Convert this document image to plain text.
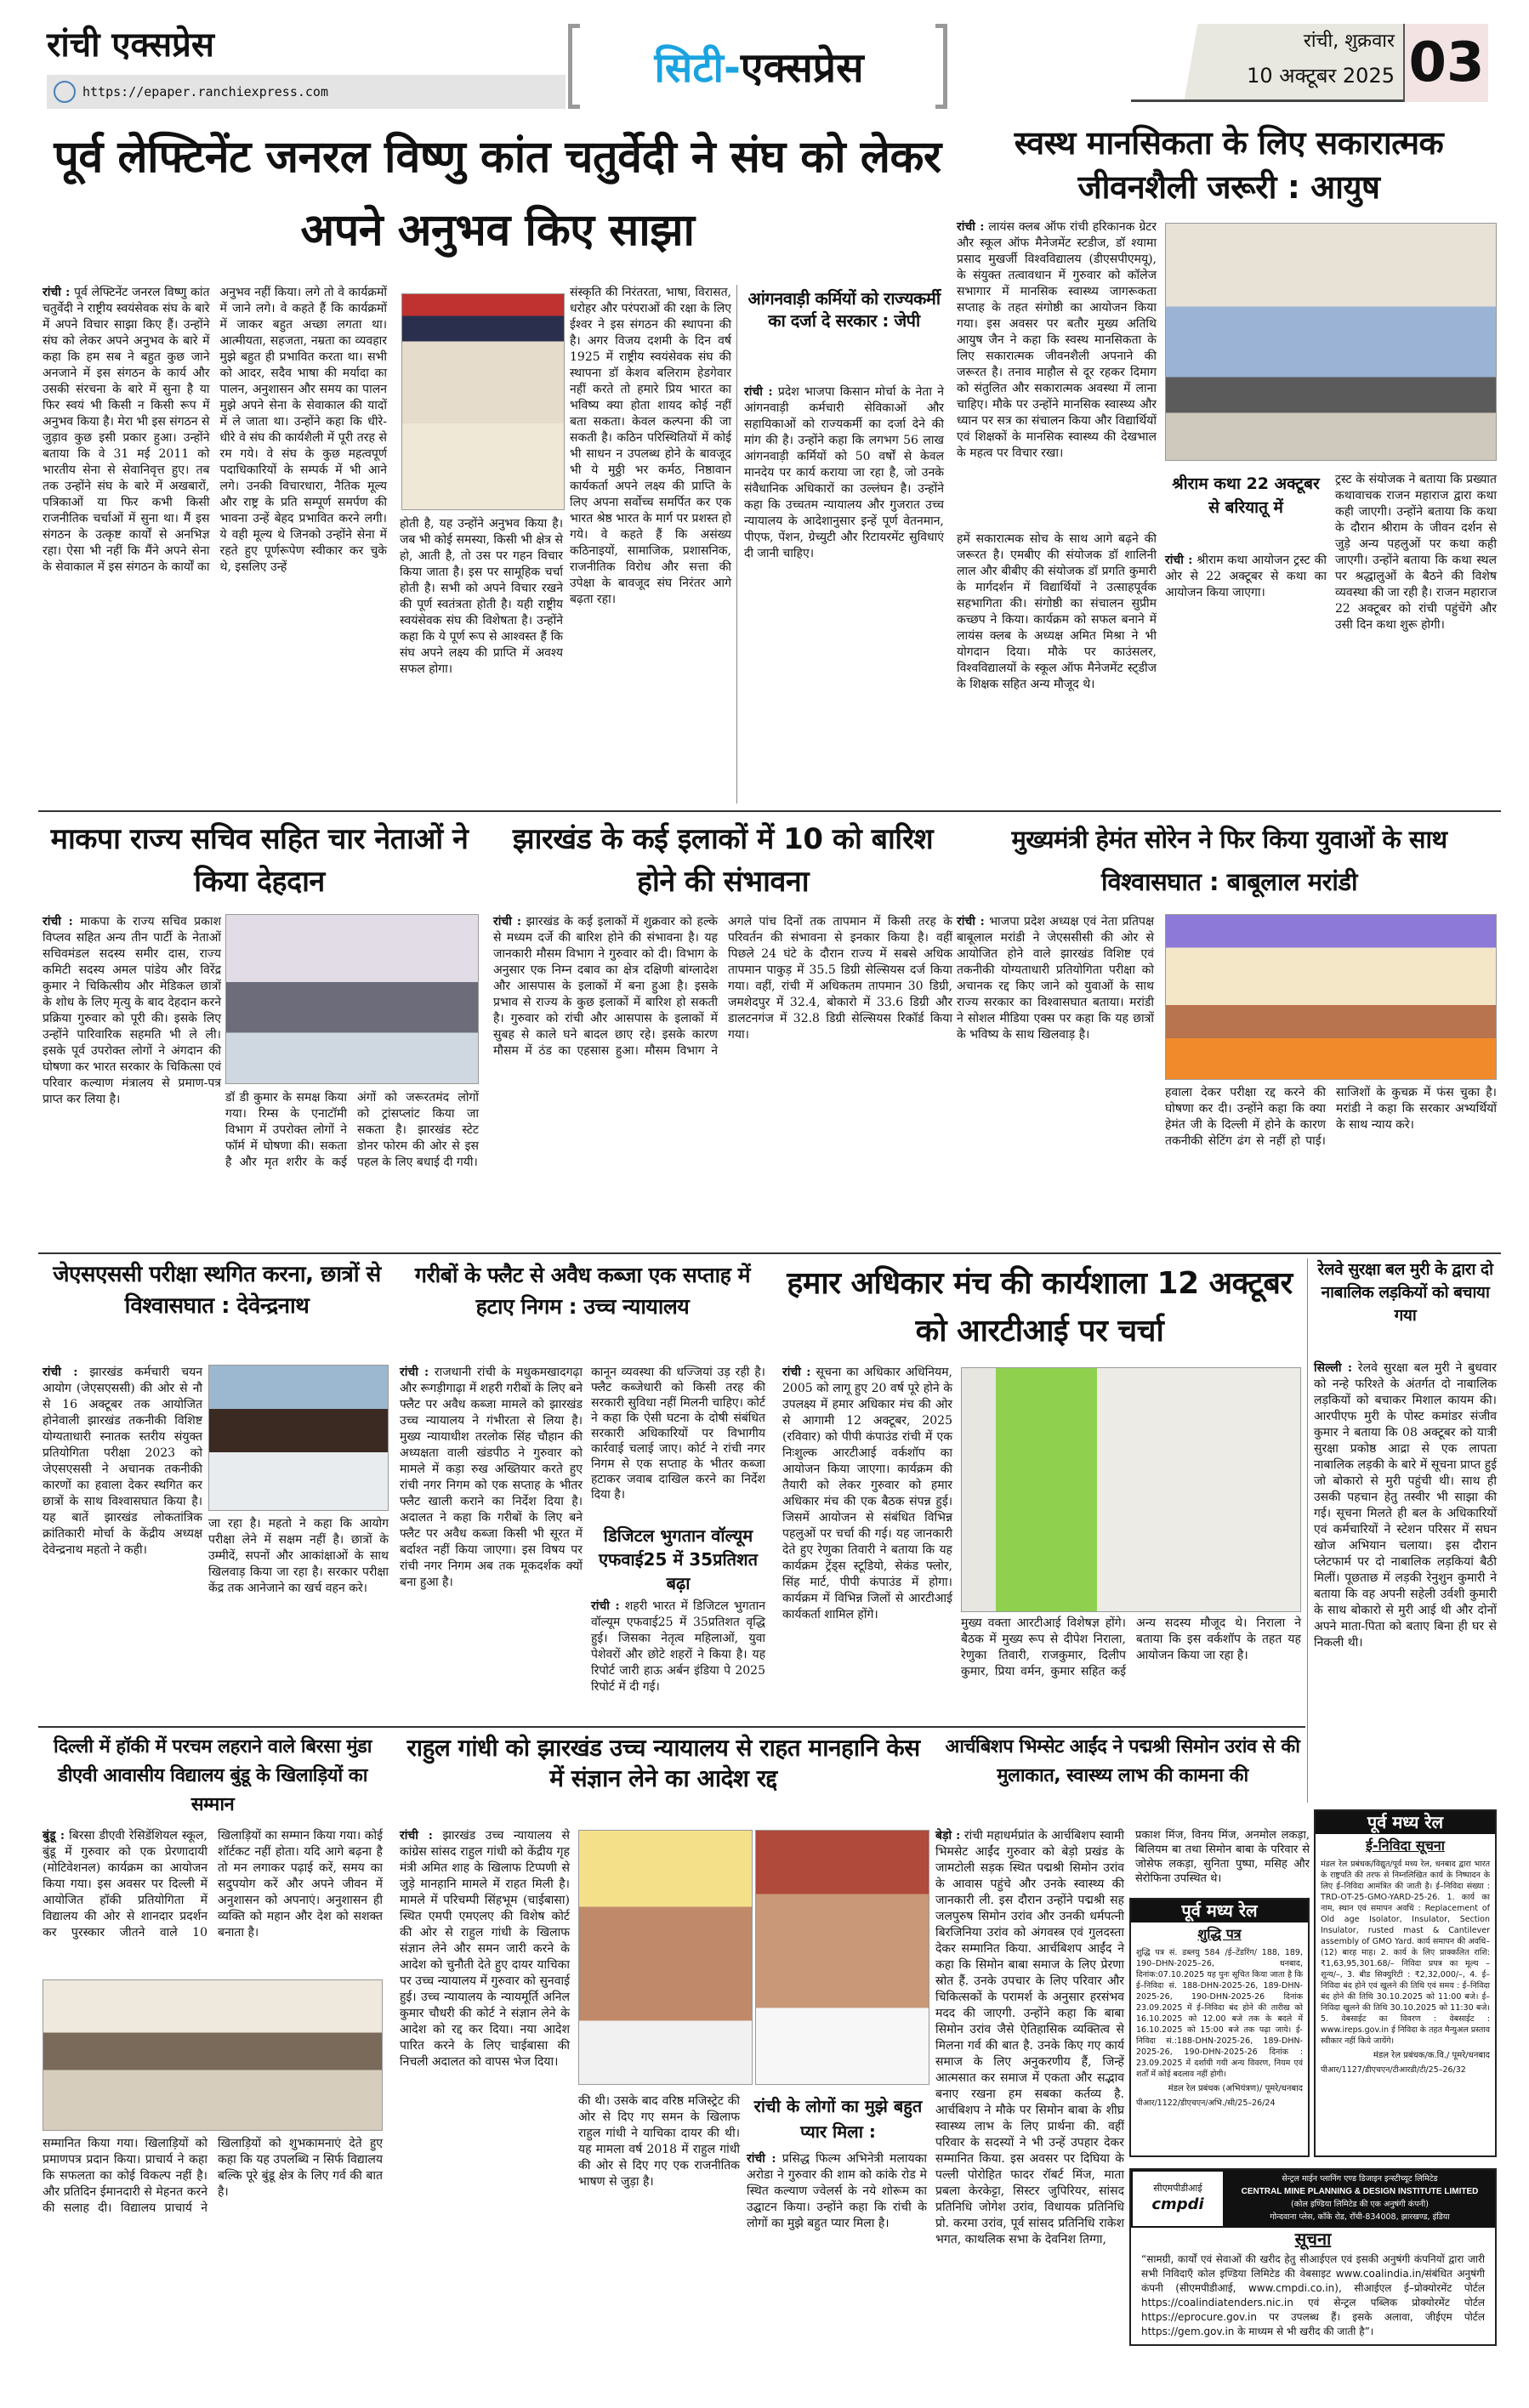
रांची एक्सप्रेस
https://epaper.ranchiexpress.com	सिटी-एक्सप्रेस
रांची, शुक्रवार
10 अक्टूबर 2025 03
पूर्व लेफ्टिनेंट जनरल विष्णु कांत चतुर्वेदी ने संघ को लेकर अपने अनुभव किए साझा
रांची : पूर्व लेफ्टिनेंट जनरल विष्णु कांत चतुर्वेदी ने राष्ट्रीय स्वयंसेवक संघ के बारे में अपने विचार साझा किए हैं। उन्होंने संघ को लेकर अपने अनुभव के बारे में कहा कि हम सब ने बहुत कुछ जाने अनजाने में इस संगठन के कार्य और उसकी संरचना के बारे में सुना है या फिर स्वयं भी किसी न किसी रूप में अनुभव किया है। मेरा भी इस संगठन से जुड़ाव कुछ इसी प्रकार हुआ। उन्होंने बताया कि वे 31 मई 2011 को भारतीय सेना से सेवानिवृत्त हुए। तब तक उन्होंने संघ के बारे में अखबारों, पत्रिकाओं या फिर कभी किसी राजनीतिक चर्चाओं में सुना था। मैं इस संगठन के उत्कृष्ट कार्यों से अनभिज्ञ रहा। ऐसा भी नहीं कि मैंने अपने सेना के सेवाकाल में इस संगठन के कार्यों का अनुभव नहीं किया। लगे तो वे कार्यक्रमों में जाने लगे। वे कहते हैं कि कार्यक्रमों में जाकर बहुत अच्छा लगता था। आत्मीयता, सहजता, नम्रता का व्यवहार मुझे बहुत ही प्रभावित करता था। सभी को आदर, सदैव भाषा की मर्यादा का पालन, अनुशासन और समय का पालन मुझे अपने सेना के सेवाकाल की यादों में ले जाता था। उन्होंने कहा कि धीरे-धीरे वे संघ की कार्यशैली में पूरी तरह से रम गये। वे संघ के कुछ महत्वपूर्ण पदाधिकारियों के सम्पर्क में भी आने लगे। उनकी विचारधारा, नैतिक मूल्य और राष्ट्र के प्रति सम्पूर्ण समर्पण की भावना उन्हें बेहद प्रभावित करने लगी। ये वही मूल्य थे जिनको उन्होंने सेना में रहते हुए पूर्णरूपेण स्वीकार कर चुके थे, इसलिए उन्हें
होती है, यह उन्होंने अनुभव किया है। जब भी कोई समस्या, किसी भी क्षेत्र से हो, आती है, तो उस पर गहन विचार किया जाता है। इस पर सामूहिक चर्चा होती है। सभी को अपने विचार रखने की पूर्ण स्वतंत्रता होती है। यही राष्ट्रीय स्वयंसेवक संघ की विशेषता है। उन्होंने कहा कि ये पूर्ण रूप से आश्वस्त हैं कि संघ अपने लक्ष्य की प्राप्ति में अवश्य सफल होगा।
संस्कृति की निरंतरता, भाषा, विरासत, धरोहर और परंपराओं की रक्षा के लिए ईश्वर ने इस संगठन की स्थापना की है। अगर विजय दशमी के दिन वर्ष 1925 में राष्ट्रीय स्वयंसेवक संघ की स्थापना डॉ केशव बलिराम हेडगेवार नहीं करते तो हमारे प्रिय भारत का भविष्य क्या होता शायद कोई नहीं बता सकता। केवल कल्पना की जा सकती है। कठिन परिस्थितियों में कोई भी साधन न उपलब्ध होने के बावजूद भी ये मुठ्ठी भर कर्मठ, निष्ठावान कार्यकर्ता अपने लक्ष्य की प्राप्ति के लिए अपना सर्वोच्च समर्पित कर एक भारत श्रेष्ठ भारत के मार्ग पर प्रशस्त हो गये। वे कहते हैं कि असंख्य कठिनाइयों, सामाजिक, प्रशासनिक, राजनीतिक विरोध और सत्ता की उपेक्षा के बावजूद संघ निरंतर आगे बढ़ता रहा।
आंगनवाड़ी कर्मियों को राज्यकर्मी का दर्जा दे सरकार : जेपी
रांची : प्रदेश भाजपा किसान मोर्चा के नेता ने आंगनवाड़ी कर्मचारी सेविकाओं और सहायिकाओं को राज्यकर्मी का दर्जा देने की मांग की है। उन्होंने कहा कि लगभग 56 लाख आंगनवाड़ी कर्मियों को 50 वर्षों से केवल मानदेय पर कार्य कराया जा रहा है, जो उनके संवैधानिक अधिकारों का उल्लंघन है। उन्होंने कहा कि उच्चतम न्यायालय और गुजरात उच्च न्यायालय के आदेशानुसार इन्हें पूर्ण वेतनमान, पीएफ, पेंशन, ग्रेच्युटी और रिटायरमेंट सुविधाएं दी जानी चाहिए।
स्वस्थ मानसिकता के लिए सकारात्मक जीवनशैली जरूरी : आयुष
रांची : लायंस क्लब ऑफ रांची हरिकानक ग्रेटर और स्कूल ऑफ मैनेजमेंट स्टडीज, डॉ श्यामा प्रसाद मुखर्जी विश्वविद्यालय (डीएसपीएमयू), के संयुक्त तत्वावधान में गुरुवार को कॉलेज सभागार में मानसिक स्वास्थ्य जागरूकता सप्ताह के तहत संगोष्ठी का आयोजन किया गया। इस अवसर पर बतौर मुख्य अतिथि आयुष जैन ने कहा कि स्वस्थ मानसिकता के लिए सकारात्मक जीवनशैली अपनाने की जरूरत है। तनाव माहौल से दूर रहकर दिमाग को संतुलित और सकारात्मक अवस्था में लाना चाहिए। मौके पर उन्होंने मानसिक स्वास्थ्य और ध्यान पर सत्र का संचालन किया और विद्यार्थियों एवं शिक्षकों के मानसिक स्वास्थ्य की देखभाल के महत्व पर विचार रखा।
हमें सकारात्मक सोच के साथ आगे बढ़ने की जरूरत है। एमबीए की संयोजक डॉ शालिनी लाल और बीबीए की संयोजक डॉ प्रगति कुमारी के मार्गदर्शन में विद्यार्थियों ने उत्साहपूर्वक सहभागिता की। संगोष्ठी का संचालन सुप्रीम कच्छप ने किया। कार्यक्रम को सफल बनाने में लायंस क्लब के अध्यक्ष अमित मिश्रा ने भी योगदान दिया। मौके पर काउंसलर, विश्वविद्यालयों के स्कूल ऑफ मैनेजमेंट स्ट्डीज के शिक्षक सहित अन्य मौजूद थे।
श्रीराम कथा 22 अक्टूबर से बरियातू में
रांची : श्रीराम कथा आयोजन ट्रस्ट की ओर से 22 अक्टूबर से कथा का आयोजन किया जाएगा।
ट्रस्ट के संयोजक ने बताया कि प्रख्यात कथावाचक राजन महाराज द्वारा कथा कही जाएगी। उन्होंने बताया कि कथा के दौरान श्रीराम के जीवन दर्शन से जुड़े अन्य पहलुओं पर कथा कही जाएगी। उन्होंने बताया कि कथा स्थल पर श्रद्धालुओं के बैठने की विशेष व्यवस्था की जा रही है। राजन महाराज 22 अक्टूबर को रांची पहुंचेंगे और उसी दिन कथा शुरू होगी।
माकपा राज्य सचिव सहित चार नेताओं ने किया देहदान
रांची : माकपा के राज्य सचिव प्रकाश विप्लव सहित अन्य तीन पार्टी के नेताओं सचिवमंडल सदस्य समीर दास, राज्य कमिटी सदस्य अमल पांडेय और विरेंद्र कुमार ने चिकित्सीय और मेडिकल छात्रों के शोध के लिए मृत्यु के बाद देहदान करने प्रक्रिया गुरुवार को पूरी की। इसके लिए उन्होंने पारिवारिक सहमति भी ले ली। इसके पूर्व उपरोक्त लोगों ने अंगदान की घोषणा कर भारत सरकार के चिकित्सा एवं परिवार कल्याण मंत्रालय से प्रमाण-पत्र प्राप्त कर लिया है।	डॉ डी कुमार के समक्ष किया गया। रिम्स के एनाटॉमी विभाग में उपरोक्त लोगों ने फॉर्म में घोषणा की। सकता है और मृत शरीर के कई अंगों को जरूरतमंद लोगों को ट्रांसप्लांट किया जा सकता है। झारखंड स्टेट डोनर फोरम की ओर से इस पहल के लिए बधाई दी गयी।
झारखंड के कई इलाकों में 10 को बारिश होने की संभावना
रांची : झारखंड के कई इलाकों में शुक्रवार को हल्के से मध्यम दर्जे की बारिश होने की संभावना है। यह जानकारी मौसम विभाग ने गुरुवार को दी। विभाग के अनुसार एक निम्न दबाव का क्षेत्र दक्षिणी बांग्लादेश और आसपास के इलाकों में बना हुआ है। इसके प्रभाव से राज्य के कुछ इलाकों में बारिश हो सकती है। गुरुवार को रांची और आसपास के इलाकों में सुबह से काले घने बादल छाए रहे। इसके कारण मौसम में ठंड का एहसास हुआ। मौसम विभाग ने अगले पांच दिनों तक तापमान में किसी तरह के परिवर्तन की संभावना से इनकार किया है। वहीं पिछले 24 घंटे के दौरान राज्य में सबसे अधिक तापमान पाकुड़ में 35.5 डिग्री सेल्सियस दर्ज किया गया। वहीं, रांची में अधिकतम तापमान 30 डिग्री, जमशेदपुर में 32.4, बोकारो में 33.6 डिग्री और डालटनगंज में 32.8 डिग्री सेल्सियस रिकॉर्ड किया गया।
मुख्यमंत्री हेमंत सोरेन ने फिर किया युवाओं के साथ विश्वासघात : बाबूलाल मरांडी
रांची : भाजपा प्रदेश अध्यक्ष एवं नेता प्रतिपक्ष बाबूलाल मरांडी ने जेएससीसी की ओर से आयोजित होने वाले झारखंड विशिष्ट एवं तकनीकी योग्यताधारी प्रतियोगिता परीक्षा को अचानक रद्द किए जाने को युवाओं के साथ राज्य सरकार का विश्वासघात बताया। मरांडी ने सोशल मीडिया एक्स पर कहा कि यह छात्रों के भविष्य के साथ खिलवाड़ है।
हवाला देकर परीक्षा रद्द करने की घोषणा कर दी। उन्होंने कहा कि क्या हेमंत जी के दिल्ली में होने के कारण तकनीकी सेटिंग ढंग से नहीं हो पाई। साजिशों के कुचक्र में फंस चुका है। मरांडी ने कहा कि सरकार अभ्यर्थियों के साथ न्याय करे।
जेएसएससी परीक्षा स्थगित करना, छात्रों से विश्वासघात : देवेन्द्रनाथ
रांची : झारखंड कर्मचारी चयन आयोग (जेएसएससी) की ओर से नौ से 16 अक्टूबर तक आयोजित होनेवाली झारखंड तकनीकी विशिष्ट योग्यताधारी स्नातक स्तरीय संयुक्त प्रतियोगिता परीक्षा 2023 को जेएसएससी ने अचानक तकनीकी कारणों का हवाला देकर स्थगित कर छात्रों के साथ विश्वासघात किया है। यह बातें झारखंड लोकतांत्रिक क्रांतिकारी मोर्चा के केंद्रीय अध्यक्ष देवेन्द्रनाथ महतो ने कही।
जा रहा है। महतो ने कहा कि आयोग परीक्षा लेने में सक्षम नहीं है। छात्रों के उम्मीदें, सपनों और आकांक्षाओं के साथ खिलवाड़ किया जा रहा है। सरकार परीक्षा केंद्र तक आनेजाने का खर्च वहन करे।
गरीबों के फ्लैट से अवैध कब्जा एक सप्ताह में हटाए निगम : उच्च न्यायालय
रांची : राजधानी रांची के मधुकमखादगढ़ा और रूगड़ीगाढ़ा में शहरी गरीबों के लिए बने फ्लैट पर अवैध कब्जा मामले को झारखंड उच्च न्यायालय ने गंभीरता से लिया है। मुख्य न्यायाधीश तरलोक सिंह चौहान की अध्यक्षता वाली खंडपीठ ने गुरुवार को मामले में कड़ा रुख अख्तियार करते हुए रांची नगर निगम को एक सप्ताह के भीतर फ्लैट खाली कराने का निर्देश दिया है। अदालत ने कहा कि गरीबों के लिए बने फ्लैट पर अवैध कब्जा किसी भी सूरत में बर्दाश्त नहीं किया जाएगा। इस विषय पर रांची नगर निगम अब तक मूकदर्शक क्यों बना हुआ है।
कानून व्यवस्था की धज्जियां उड़ रही है। फ्लैट कब्जेधारी को किसी तरह की सरकारी सुविधा नहीं मिलनी चाहिए। कोर्ट ने कहा कि ऐसी घटना के दोषी संबंधित सरकारी अधिकारियों पर विभागीय कार्रवाई चलाई जाए। कोर्ट ने रांची नगर निगम से एक सप्ताह के भीतर कब्जा हटाकर जवाब दाखिल करने का निर्देश दिया है।
डिजिटल भुगतान वॉल्यूम एफवाई25 में 35प्रतिशत बढ़ा
रांची : शहरी भारत में डिजिटल भुगतान वॉल्यूम एफवाई25 में 35प्रतिशत वृद्धि हुई। जिसका नेतृत्व महिलाओं, युवा पेशेवरों और छोटे शहरों ने किया है। यह रिपोर्ट जारी हाऊ अर्बन इंडिया पे 2025 रिपोर्ट में दी गई।
हमार अधिकार मंच की कार्यशाला 12 अक्टूबर को आरटीआई पर चर्चा
रांची : सूचना का अधिकार अधिनियम, 2005 को लागू हुए 20 वर्ष पूरे होने के उपलक्ष्य में हमार अधिकार मंच की ओर से आगामी 12 अक्टूबर, 2025 (रविवार) को पीपी कंपाउंड रांची में एक निःशुल्क आरटीआई वर्कशॉप का आयोजन किया जाएगा। कार्यक्रम की तैयारी को लेकर गुरुवार को हमार अधिकार मंच की एक बैठक संपन्न हुई। जिसमें आयोजन से संबंधित विभिन्न पहलुओं पर चर्चा की गई। यह जानकारी देते हुए रेणुका तिवारी ने बताया कि यह कार्यक्रम ट्रेंड्स स्टूडियो, सेकंड फ्लोर, सिंह मार्ट, पीपी कंपाउंड में होगा। कार्यक्रम में विभिन्न जिलों से आरटीआई कार्यकर्ता शामिल होंगे।
मुख्य वक्ता आरटीआई विशेषज्ञ होंगे। बैठक में मुख्य रूप से दीपेश निराला, रेणुका तिवारी, राजकुमार, दिलीप कुमार, प्रिया वर्मन, कुमार सहित कई अन्य सदस्य मौजूद थे। निराला ने बताया कि इस वर्कशॉप के तहत यह आयोजन किया जा रहा है।
रेलवे सुरक्षा बल मुरी के द्वारा दो नाबालिक लड़कियों को बचाया गया
सिल्ली : रेलवे सुरक्षा बल मुरी ने बुधवार को नन्हे फरिश्ते के अंतर्गत दो नाबालिक लड़कियों को बचाकर मिशाल कायम की। आरपीएफ मुरी के पोस्ट कमांडर संजीव कुमार ने बताया कि 08 अक्टूबर को यात्री सुरक्षा प्रकोष्ठ आद्रा से एक लापता नाबालिक लड़की के बारे में सूचना प्राप्त हुई जो बोकारो से मुरी पहुंची थी। साथ ही उसकी पहचान हेतु तस्वीर भी साझा की गई। सूचना मिलते ही बल के अधिकारियों एवं कर्मचारियों ने स्टेशन परिसर में सघन खोज अभियान चलाया। इस दौरान प्लेटफार्म पर दो नाबालिक लड़कियां बैठी मिलीं। पूछताछ में लड़की रेनुशुन कुमारी ने बताया कि वह अपनी सहेली उर्वशी कुमारी के साथ बोकारो से मुरी आई थी और दोनों अपने माता-पिता को बताए बिना ही घर से निकली थी।
दिल्ली में हॉकी में परचम लहराने वाले बिरसा मुंडा डीएवी आवासीय विद्यालय बुंडू के खिलाड़ियों का सम्मान
बुंडू : बिरसा डीएवी रेसिडेंशियल स्कूल, बुंडू में गुरुवार को एक प्रेरणादायी (मोटिवेशनल) कार्यक्रम का आयोजन किया गया। इस अवसर पर दिल्ली में आयोजित हॉकी प्रतियोगिता में विद्यालय की ओर से शानदार प्रदर्शन कर पुरस्कार जीतने वाले 10 खिलाड़ियों का सम्मान किया गया। कोई शॉर्टकट नहीं होता। यदि आगे बढ़ना है तो मन लगाकर पढ़ाई करें, समय का सदुपयोग करें और अपने जीवन में अनुशासन को अपनाएं। अनुशासन ही व्यक्ति को महान और देश को सशक्त बनाता है।
सम्मानित किया गया। खिलाड़ियों को प्रमाणपत्र प्रदान किया। प्राचार्य ने कहा कि सफलता का कोई विकल्प नहीं है। और प्रतिदिन ईमानदारी से मेहनत करने की सलाह दी। विद्यालय प्राचार्य ने खिलाड़ियों को शुभकामनाएं देते हुए कहा कि यह उपलब्धि न सिर्फ विद्यालय बल्कि पूरे बुंडू क्षेत्र के लिए गर्व की बात है।
राहुल गांधी को झारखंड उच्च न्यायालय से राहत मानहानि केस में संज्ञान लेने का आदेश रद्द
रांची : झारखंड उच्च न्यायालय से कांग्रेस सांसद राहुल गांधी को केंद्रीय गृह मंत्री अमित शाह के खिलाफ टिप्पणी से जुड़े मानहानि मामले में राहत मिली है। मामले में परिचम्पी सिंहभूम (चाईबासा) स्थित एमपी एमएलए की विशेष कोर्ट की ओर से राहुल गांधी के खिलाफ संज्ञान लेने और समन जारी करने के आदेश को चुनौती देते हुए दायर याचिका पर उच्च न्यायालय में गुरुवार को सुनवाई हुई। उच्च न्यायालय के न्यायमूर्ति अनिल कुमार चौधरी की कोर्ट ने संज्ञान लेने के आदेश को रद्द कर दिया। नया आदेश पारित करने के लिए चाईबासा की निचली अदालत को वापस भेज दिया।
की थी। उसके बाद वरिष्ठ मजिस्ट्रेट की ओर से दिए गए समन के खिलाफ राहुल गांधी ने याचिका दायर की थी। यह मामला वर्ष 2018 में राहुल गांधी की ओर से दिए गए एक राजनीतिक भाषण से जुड़ा है।
रांची के लोगों का मुझे बहुत प्यार मिला :
रांची : प्रसिद्ध फिल्म अभिनेत्री मलायका अरोडा ने गुरुवार की शाम को कांके रोड मे स्थित कल्याण ज्वेलर्स के नये शोरूम का उद्घाटन किया। उन्होंने कहा कि रांची के लोगों का मुझे बहुत प्यार मिला है।
आर्चबिशप भिम्सेट आईंद ने पद्मश्री सिमोन उरांव से की मुलाकात, स्वास्थ्य लाभ की कामना की
बेड़ो : रांची महाधर्मप्रांत के आर्चबिशप स्वामी भिमसेट आईंद गुरुवार को बेड़ो प्रखंड के जामटोली सड़क स्थित पद्मश्री सिमोन उरांव के आवास पहुंचे और उनके स्वास्थ्य की जानकारी ली. इस दौरान उन्होंने पद्मश्री सह जलपुरुष सिमोन उरांव और उनकी धर्मपत्नी बिरजिनिया उरांव को अंगवस्त्र एवं गुलदस्ता देकर सम्मानित किया. आर्चबिशप आईंद ने कहा कि सिमोन बाबा समाज के लिए प्रेरणा स्रोत हैं. उनके उपचार के लिए परिवार और चिकित्सकों के परामर्श के अनुसार हरसंभव मदद की जाएगी. उन्होंने कहा कि बाबा सिमोन उरांव जैसे ऐतिहासिक व्यक्तित्व से मिलना गर्व की बात है. उनके किए गए कार्य समाज के लिए अनुकरणीय हैं, जिन्हें आत्मसात कर समाज में एकता और सद्भाव बनाए रखना हम सबका कर्तव्य है. आर्चबिशप ने मौके पर सिमोन बाबा के शीघ्र स्वास्थ्य लाभ के लिए प्रार्थना की. वहीं परिवार के सदस्यों ने भी उन्हें उपहार देकर सम्मानित किया. इस अवसर पर दिघिया के पल्ली पोरोहित फादर रॉबर्ट मिंज, माता प्रबला केरकेट्टा, सिस्टर जुपिरियर, सांसद प्रतिनिधि जोगेश उरांव, विधायक प्रतिनिधि प्रो. करमा उरांव, पूर्व सांसद प्रतिनिधि राकेश भगत, काथलिक सभा के देवनिश तिग्गा,
प्रकाश मिंज, विनय मिंज, अनमोल लकड़ा, बिलियम बा तथा सिमोन बाबा के परिवार से जोसेफ लकड़ा, सुनिता पुष्पा, मसिह और सेरोफिना उपस्थित थे।
पूर्व मध्य रेल
शुद्धि पत्र
शुद्धि पत्र सं. डब्लयु 584 /ई–टेंडरिंग/ 188, 189, 190–DHN-2025–26, धनबाद, दिनांक:07.10.2025 यह पुनः सूचित किया जाता है कि ई–निविदा सं. 188-DHN-2025-26, 189-DHN-2025-26, 190-DHN-2025-26 दिनांक 23.09.2025 में ई–निविदा बंद होने की तारीख को 16.10.2025 को 12.00 बजे तक के बदले में 16.10.2025 को 15:00 बजे तक पढ़ा जाये। ई-निविदा सं.:188-DHN-2025-26, 189-DHN-2025-26, 190-DHN-2025-26 दिनांक : 23.09.2025 में दर्शायी गयी अन्य विवरण, नियम एवं शर्तों में कोई बदलाव नहीं होगी।
मंडल रेल प्रबंधक (अभियंत्रण)/ पूमरे/धनबाद
पीआर/1122/डीएचएन/अभि./सी/25–26/24
पूर्व मध्य रेल
ई-निविदा सूचना
मंडल रेल प्रबंधक/विद्युत/पूर्व मध्य रेल, धनबाद द्वारा भारत के राष्ट्रपति की तरफ से निम्नलिखित कार्य के निष्पादन के लिए ई–निविदा आमंत्रित की जाती है। ई–निविदा संख्या : TRD-OT-25-GMO-YARD-25-26. 1. कार्य का नाम, स्थान एवं समापन अवधि : Replacement of Old age Isolator, Insulator, Section Insulator, rusted mast & Cantilever assembly of GMO Yard. कार्य समापन की अवधि– (12) बारह माह। 2. कार्य के लिए प्राक्कलित राशि: ₹1,63,95,301.68/– निविदा प्रपत्र का मूल्य – शून्य/–, 3. बीड सिक्युरिटी : ₹2,32,000/–, 4. ई–निविदा बंद होने एवं खुलने की तिथि एवं समय : ई–निविदा बंद होने की तिथि 30.10.2025 को 11:00 बजे। ई–निविदा खुलने की तिथि 30.10.2025 को 11:30 बजे। 5. वेबसाईट का विवरण : वेबसाईट : www.ireps.gov.in ई निविदा के तहत मैन्युअल प्रस्ताव स्वीकार नहीं किये जायेंगे।
मंडल रेल प्रबंधक/क.वि./ पूमरे/धनबाद
पीआर/1127/डीएचएन/टीआरडी/टी/25–26/32
सीएमपीडीआई
cmpdi
सेन्ट्रल माईन प्लानिंग एण्ड डिजाइन इन्स्टीच्यूट लिमिटेड
CENTRAL MINE PLANNING & DESIGN INSTITUTE LIMITED
(कोल इण्डिया लिमिटेड की एक अनुषंगी कंपनी)
गोन्दवाना प्लेस, काँके रोड, राँची-834008, झारखण्ड, इंडिया
सूचना
“सामग्री, कार्यों एवं सेवाओं की खरीद हेतु सीआईएल एवं इसकी अनुषंगी कंपनियों द्वारा जारी सभी निविदाएँ कोल इण्डिया लिमिटेड की वेबसाइट www.coalindia.in/संबंधित अनुषंगी कंपनी (सीएमपीडीआई, www.cmpdi.co.in), सीआईएल ई–प्रोक्योरमेंट पोर्टल https://coalindiatenders.nic.in एवं सेन्ट्रल पब्लिक प्रोक्योरमेंट पोर्टल https://eprocure.gov.in पर उपलब्ध हैं। इसके अलावा, जीईएम पोर्टल https://gem.gov.in के माध्यम से भी खरीद की जाती है”।
